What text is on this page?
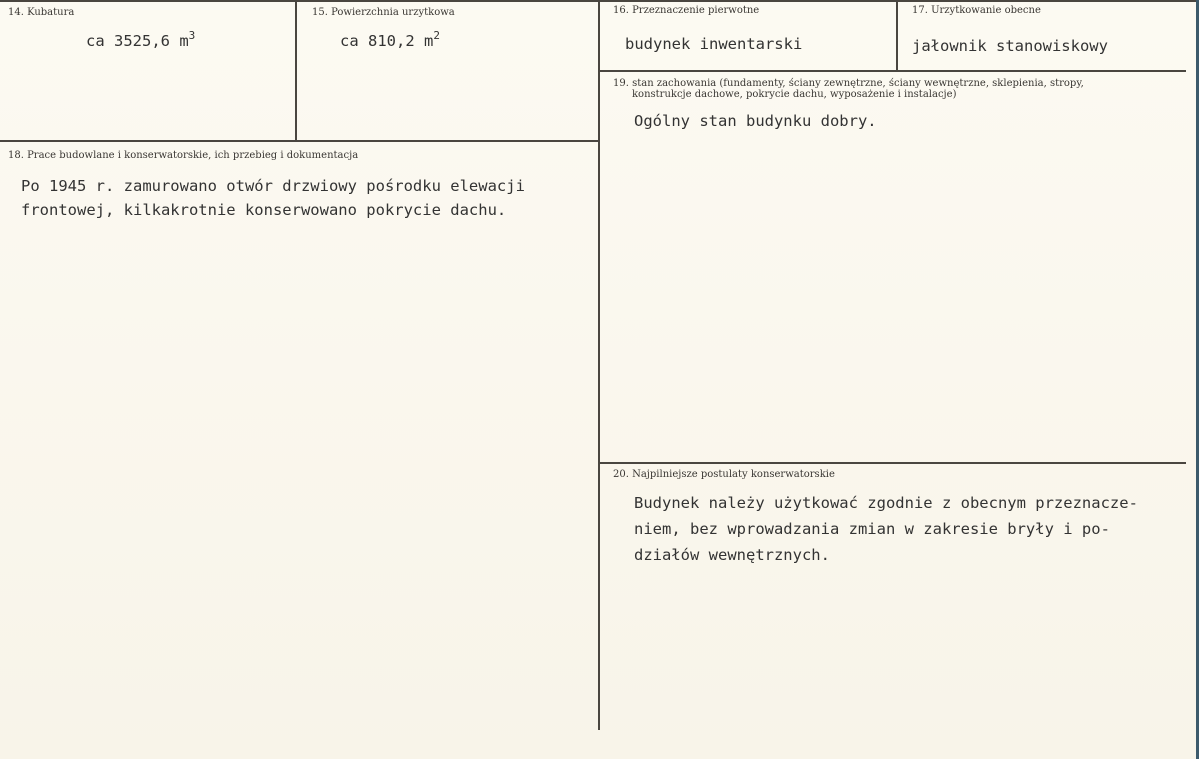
14. Kubatura
ca 3525,6 $m^3$
15. Powierzchnia urzytkowa
ca 810,2 $m^2$
16. Przeznaczenie pierwotne
budynek inwentarski
17. Urzytkowanie obecne
jałownik stanowiskowy
18. Prace budowlane i konserwatorskie, ich przebieg i dokumentacja
Po 1945 r. zamurowano otwór drzwiowy pośrodku elewacji
frontowej, kilkakrotnie konserwowano pokrycie dachu.
19. stan zachowania (fundamenty, ściany zewnętrzne, ściany wewnętrzne, sklepienia, stropy,
konstrukcje dachowe, pokrycie dachu, wyposażenie i instalacje)
Ogólny stan budynku dobry.
20. Najpilniejsze postulaty konserwatorskie
Budynek należy użytkować zgodnie z obecnym przeznacze-
niem, bez wprowadzania zmian w zakresie bryły i po-
działów wewnętrznych.
